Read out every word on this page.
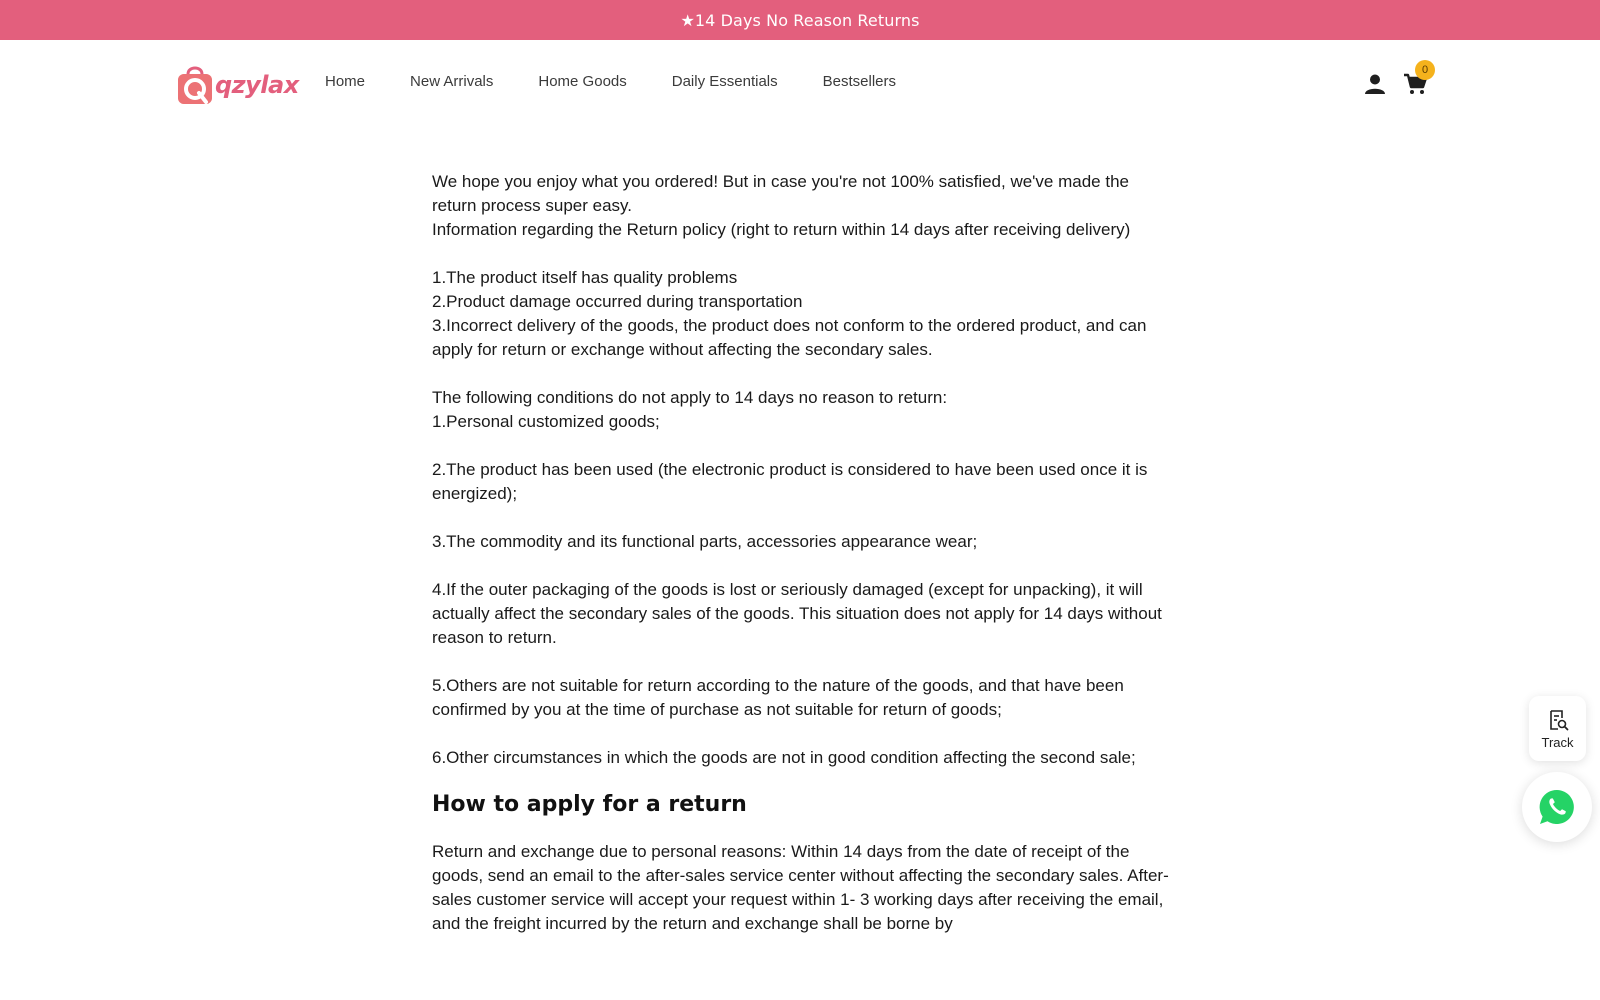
★14 Days No Reason Returns
qzylax Home	New Arrivals	Home Goods	Daily Essentials	Bestsellers
0

We hope you enjoy what you ordered! But in case you're not 100% satisfied, we've made the return process super easy.

Information regarding the Return policy (right to return within 14 days after receiving delivery)

1.The product itself has quality problems

2.Product damage occurred during transportation

3.Incorrect delivery of the goods, the product does not conform to the ordered product, and can apply for return or exchange without affecting the secondary sales.

The following conditions do not apply to 14 days no reason to return:

1.Personal customized goods;

2.The product has been used (the electronic product is considered to have been used once it is energized);

3.The commodity and its functional parts, accessories appearance wear;

4.If the outer packaging of the goods is lost or seriously damaged (except for unpacking), it will actually affect the secondary sales of the goods. This situation does not apply for 14 days without reason to return.

5.Others are not suitable for return according to the nature of the goods, and that have been confirmed by you at the time of purchase as not suitable for return of goods;

6.Other circumstances in which the goods are not in good condition affecting the second sale;

How to apply for a return

Return and exchange due to personal reasons: Within 14 days from the date of receipt of the goods, send an email to the after-sales service center without affecting the secondary sales. After-sales customer service will accept your request within 1- 3 working days after receiving the email, and the freight incurred by the return and exchange shall be borne by

Track
